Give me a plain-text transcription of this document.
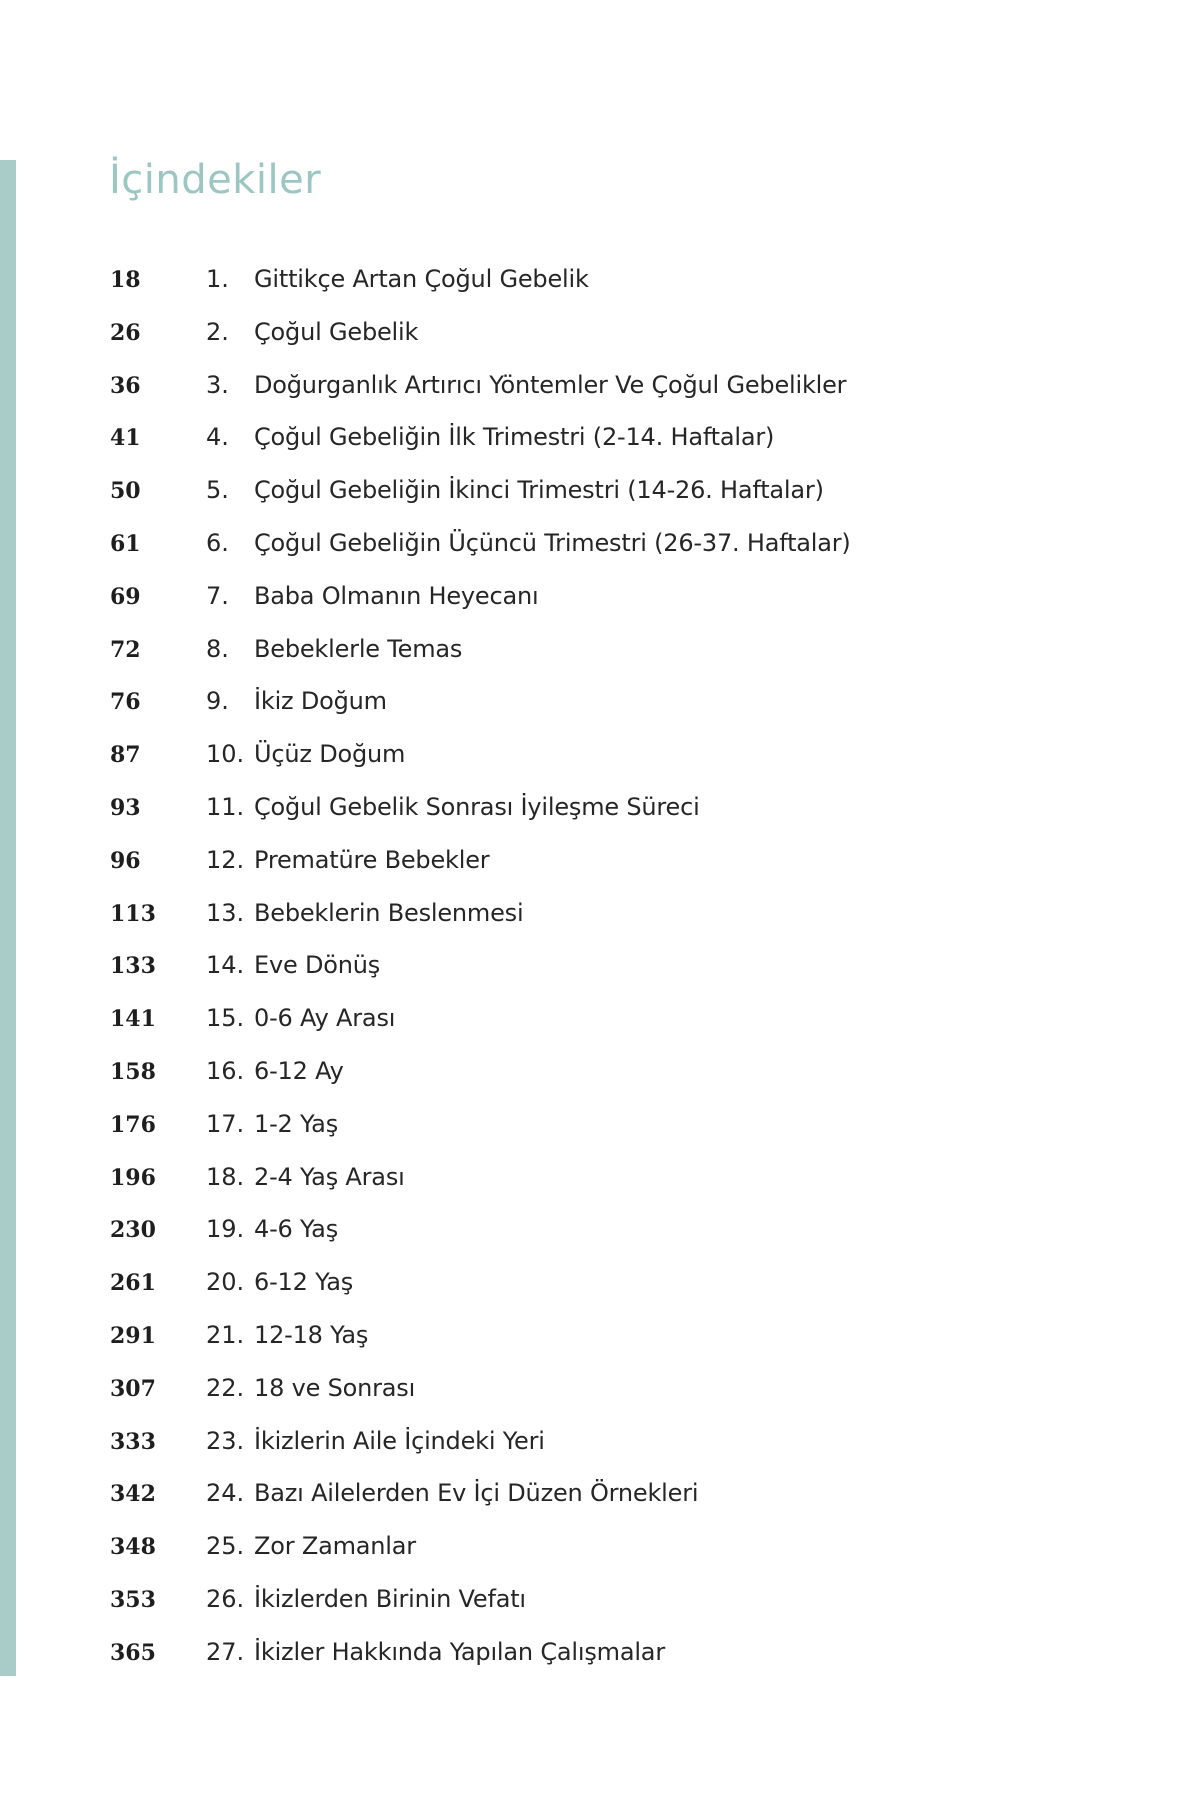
İçindekiler
18	1.	Gittikçe Artan Çoğul Gebelik
26	2.	Çoğul Gebelik
36	3.	Doğurganlık Artırıcı Yöntemler Ve Çoğul Gebelikler
41	4.	Çoğul Gebeliğin İlk Trimestri (2-14. Haftalar)
50	5.	Çoğul Gebeliğin İkinci Trimestri (14-26. Haftalar)
61	6.	Çoğul Gebeliğin Üçüncü Trimestri (26-37. Haftalar)
69	7.	Baba Olmanın Heyecanı
72	8.	Bebeklerle Temas
76	9.	İkiz Doğum
87	10. Üçüz Doğum
93	11. Çoğul Gebelik Sonrası İyileşme Süreci
96	12. Prematüre Bebekler
113	13. Bebeklerin Beslenmesi
133	14. Eve Dönüş
141	15. 0-6 Ay Arası
158	16. 6-12 Ay
176	17. 1-2 Yaş
196	18. 2-4 Yaş Arası
230	19. 4-6 Yaş
261	20. 6-12 Yaş
291	21. 12-18 Yaş
307	22. 18 ve Sonrası
333	23. İkizlerin Aile İçindeki Yeri
342	24. Bazı Ailelerden Ev İçi Düzen Örnekleri
348	25. Zor Zamanlar
353	26. İkizlerden Birinin Vefatı
365	27. İkizler Hakkında Yapılan Çalışmalar
